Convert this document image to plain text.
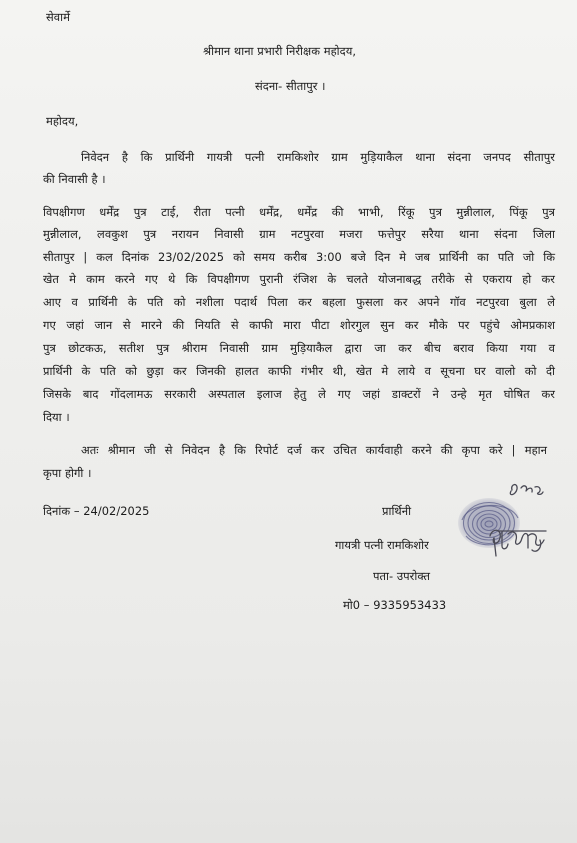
सेवार्मे
श्रीमान थाना प्रभारी निरीक्षक महोदय,
संदना- सीतापुर ।
महोदय,
निवेदन है कि प्रार्थिनी गायत्री पत्नी रामकिशोर ग्राम मुड़ियाकैल थाना संदना जनपद सीतापुर
की निवासी है ।
विपक्षीगण धर्मेंद्र पुत्र टाई, रीता पत्नी धर्मेंद्र, धर्मेंद्र की भाभी, रिंकू पुत्र मुन्नीलाल, पिंकू पुत्र
मुन्नीलाल, लवकुश पुत्र नरायन निवासी ग्राम नटपुरवा मजरा फत्तेपुर सरैया थाना संदना जिला
सीतापुर | कल दिनांक 23/02/2025 को समय करीब 3:00 बजे दिन मे जब प्रार्थिनी का पति जो कि
खेत मे काम करने गए थे कि विपक्षीगण पुरानी रंजिश के चलते योजनाबद्ध तरीके से एकराय हो कर
आए व प्रार्थिनी के पति को नशीला पदार्थ पिला कर बहला फुसला कर अपने गॉव नटपुरवा बुला ले
गए जहां जान से मारने की नियति से काफी मारा पीटा शोरगुल सुन कर मौके पर पहुंचे ओमप्रकाश
पुत्र छोटकऊ, सतीश पुत्र श्रीराम निवासी ग्राम मुड़ियाकैल द्वारा जा कर बीच बराव किया गया व
प्रार्थिनी के पति को छुड़ा कर जिनकी हालत काफी गंभीर थी, खेत मे लाये व सूचना घर वालो को दी
जिसके बाद गोंदलामऊ सरकारी अस्पताल इलाज हेतु ले गए जहां डाक्टरों ने उन्हे मृत घोषित कर
दिया ।
अतः श्रीमान जी से निवेदन है कि रिपोर्ट दर्ज कर उचित कार्यवाही करने की कृपा करे | महान
कृपा होगी ।
दिनांक – 24/02/2025	प्रार्थिनी
गायत्री पत्नी रामकिशोर
पता- उपरोक्त
मो0 – 9335953433
